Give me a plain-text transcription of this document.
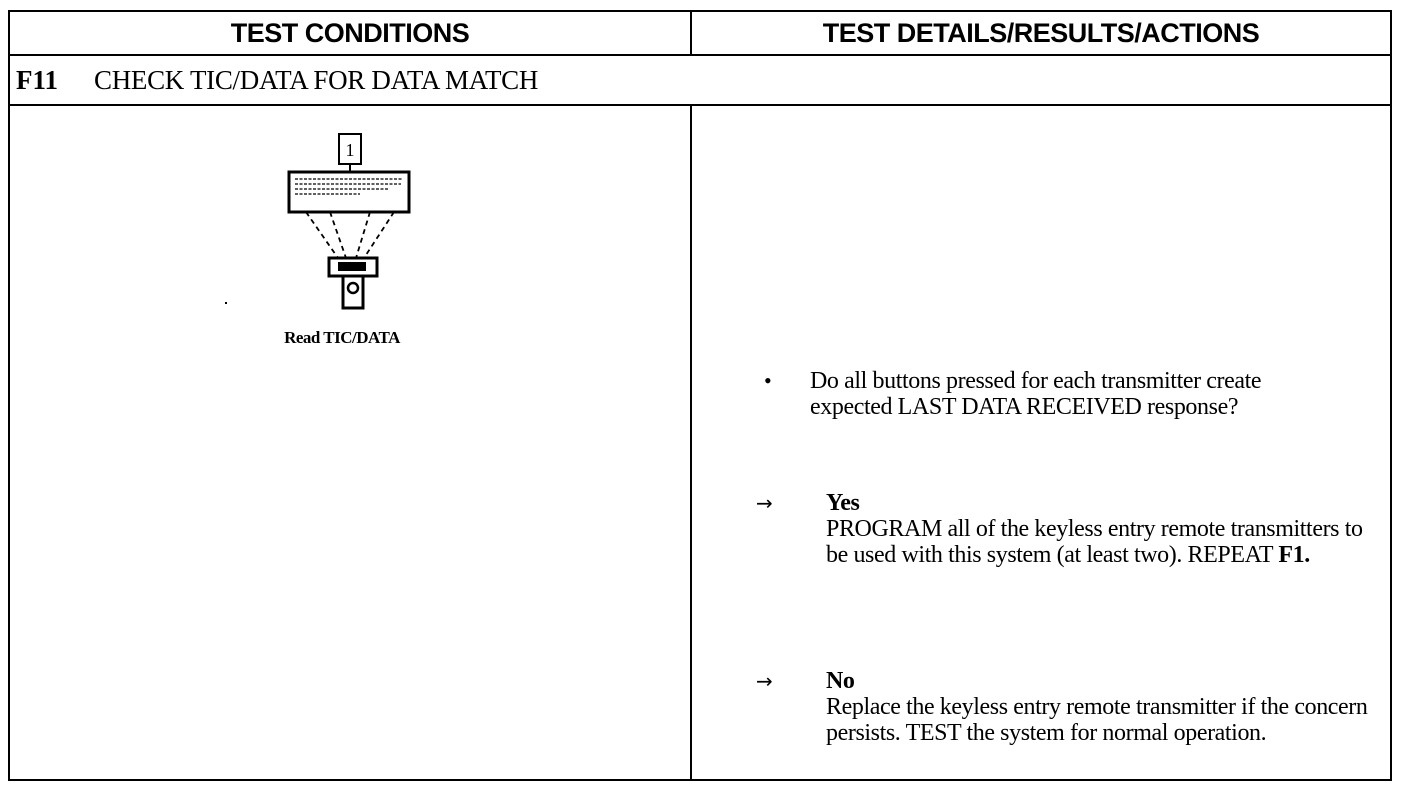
TEST CONDITIONS	TEST DETAILS/RESULTS/ACTIONS
F11	CHECK TIC/DATA FOR DATA MATCH
1
Read TIC/DATA
• Do all buttons pressed for each transmitter create expected LAST DATA RECEIVED response?
→ Yes
PROGRAM all of the keyless entry remote transmitters to be used with this system (at least two). REPEAT F1.
→ No
Replace the keyless entry remote transmitter if the concern persists. TEST the system for normal operation.
